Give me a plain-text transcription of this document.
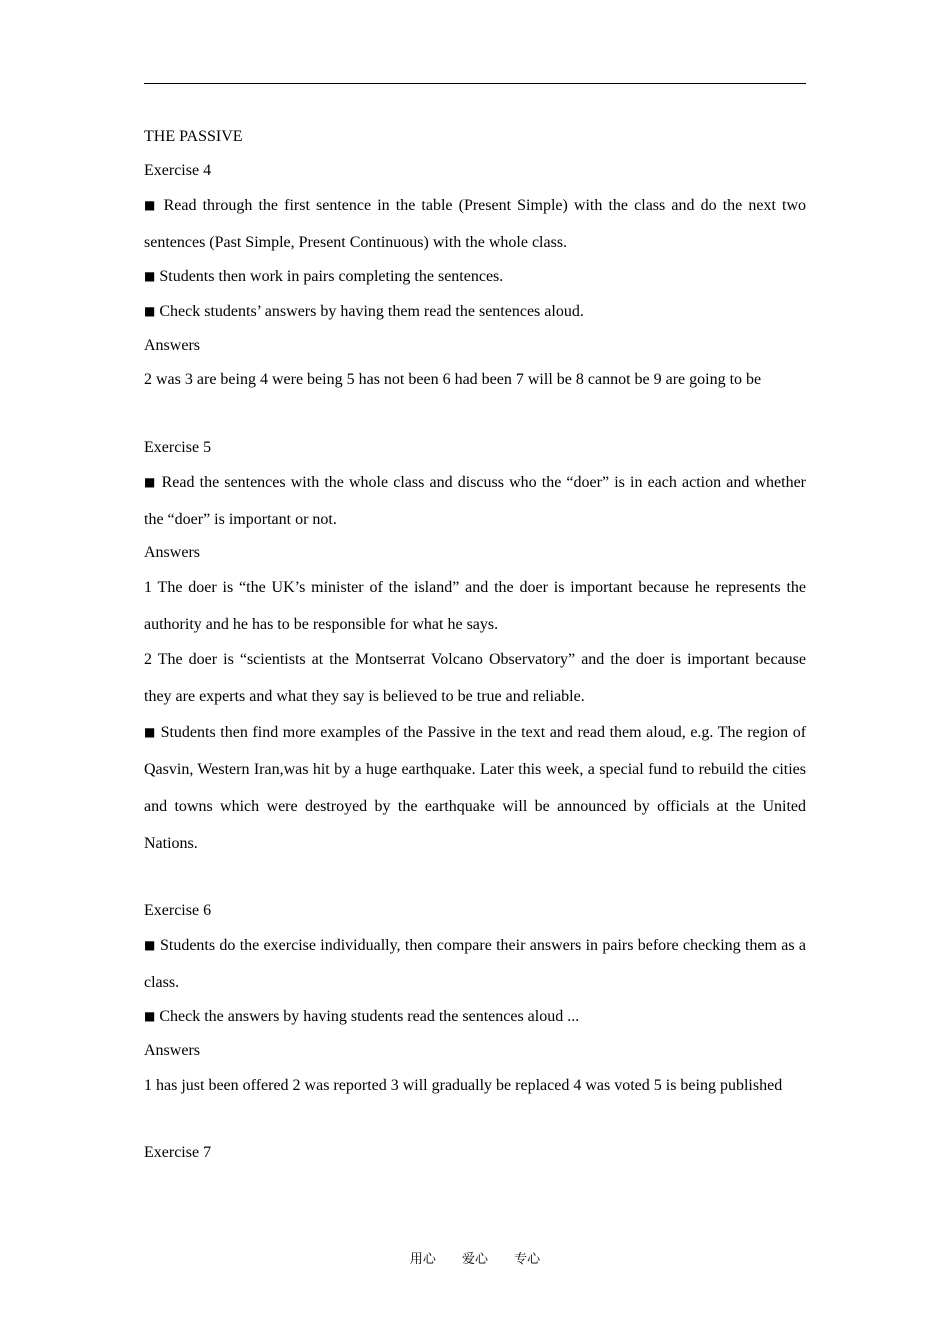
THE PASSIVE
Exercise 4
■ Read through the first sentence in the table (Present Simple) with the class and do the next two sentences (Past Simple, Present Continuous) with the whole class.
■ Students then work in pairs completing the sentences.
■ Check students’ answers by having them read the sentences aloud.
Answers
2 was 3 are being 4 were being 5 has not been 6 had been 7 will be 8 cannot be 9 are going to be
Exercise 5
■ Read the sentences with the whole class and discuss who the “doer” is in each action and whether the “doer” is important or not.
Answers
1 The doer is “the UK’s minister of the island” and the doer is important because he represents the authority and he has to be responsible for what he says.
2 The doer is “scientists at the Montserrat Volcano Observatory” and the doer is important because they are experts and what they say is believed to be true and reliable.
■ Students then find more examples of the Passive in the text and read them aloud, e.g. The region of Qasvin, Western Iran,was hit by a huge earthquake. Later this week, a special fund to rebuild the cities and towns which were destroyed by the earthquake will be announced by officials at the United Nations.
Exercise 6
■ Students do the exercise individually, then compare their answers in pairs before checking them as a class.
■ Check the answers by having students read the sentences aloud ...
Answers
1 has just been offered 2 was reported 3 will gradually be replaced 4 was voted 5 is being published
Exercise 7
用心 爱心 专心
